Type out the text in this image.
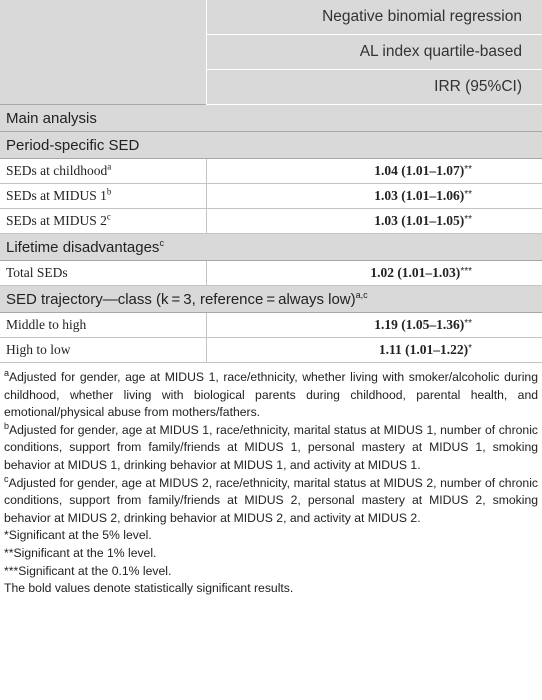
	Negative binomial regression
	AL index quartile-based
	IRR (95%CI)
Main analysis	
Period-specific SED	
SEDs at childhood$^a$	1.04 (1.01–1.07)**
SEDs at MIDUS 1$^b$	1.03 (1.01–1.06)**
SEDs at MIDUS 2$^c$	1.03 (1.01–1.05)**
Lifetime disadvantages$^c$
Total SEDs	1.02 (1.01–1.03)***
SED trajectory—class (k = 3, reference = always low)$^{a,c}$
Middle to high	1.19 (1.05–1.36)**
High to low	1.11 (1.01–1.22)*

$^a$Adjusted for gender, age at MIDUS 1, race/ethnicity, whether living with smoker/alcoholic during childhood, whether living with biological parents during childhood, parental health, and emotional/physical abuse from mothers/fathers.

$^b$Adjusted for gender, age at MIDUS 1, race/ethnicity, marital status at MIDUS 1, number of chronic conditions, support from family/friends at MIDUS 1, personal mastery at MIDUS 1, smoking behavior at MIDUS 1, drinking behavior at MIDUS 1, and activity at MIDUS 1.

$^c$Adjusted for gender, age at MIDUS 2, race/ethnicity, marital status at MIDUS 2, number of chronic conditions, support from family/friends at MIDUS 2, personal mastery at MIDUS 2, smoking behavior at MIDUS 2, drinking behavior at MIDUS 2, and activity at MIDUS 2.

*Significant at the 5% level.

**Significant at the 1% level.

***Significant at the 0.1% level.

The bold values denote statistically significant results.
